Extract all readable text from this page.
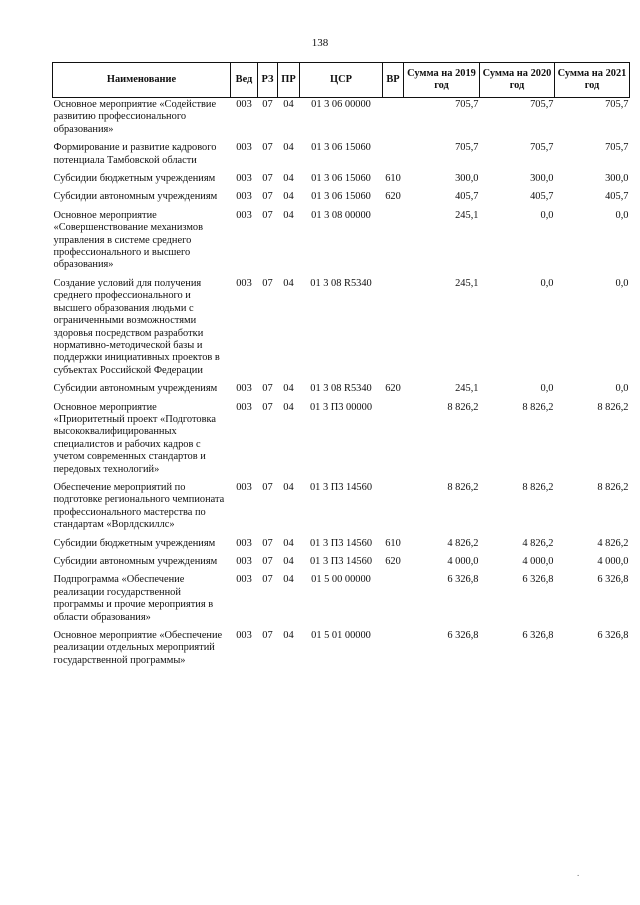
138
Наименование	Вед	РЗ	ПР	ЦСР	ВР	Сумма на 2019 год	Сумма на 2020 год	Сумма на 2021 год
Основное мероприятие «Содействие развитию профессионального образования»	003	07	04	01 3 06 00000		705,7	705,7	705,7
Формирование и развитие кадрового потенциала Тамбовской области	003	07	04	01 3 06 15060		705,7	705,7	705,7
Субсидии бюджетным учреждениям	003	07	04	01 3 06 15060	610	300,0	300,0	300,0
Субсидии автономным учреждениям	003	07	04	01 3 06 15060	620	405,7	405,7	405,7
Основное мероприятие «Совершенствование механизмов управления в системе среднего профессионального и высшего образования»	003	07	04	01 3 08 00000		245,1	0,0	0,0
Создание условий для получения среднего профессионального и высшего образования людьми с ограниченными возможностями здоровья посредством разработки нормативно-методической базы и поддержки инициативных проектов в субъектах Российской Федерации	003	07	04	01 3 08 R5340		245,1	0,0	0,0
Субсидии автономным учреждениям	003	07	04	01 3 08 R5340	620	245,1	0,0	0,0
Основное мероприятие «Приоритетный проект «Подготовка высококвалифицированных специалистов и рабочих кадров с учетом современных стандартов и передовых технологий»	003	07	04	01 3 П3 00000		8 826,2	8 826,2	8 826,2
Обеспечение мероприятий по подготовке регионального чемпионата профессионального мастерства по стандартам «Ворлдскиллс»	003	07	04	01 3 П3 14560		8 826,2	8 826,2	8 826,2
Субсидии бюджетным учреждениям	003	07	04	01 3 П3 14560	610	4 826,2	4 826,2	4 826,2
Субсидии автономным учреждениям	003	07	04	01 3 П3 14560	620	4 000,0	4 000,0	4 000,0
Подпрограмма «Обеспечение реализации государственной программы и прочие мероприятия в области образования»	003	07	04	01 5 00 00000		6 326,8	6 326,8	6 326,8
Основное мероприятие «Обеспечение реализации отдельных мероприятий государственной программы»	003	07	04	01 5 01 00000		6 326,8	6 326,8	6 326,8
.
